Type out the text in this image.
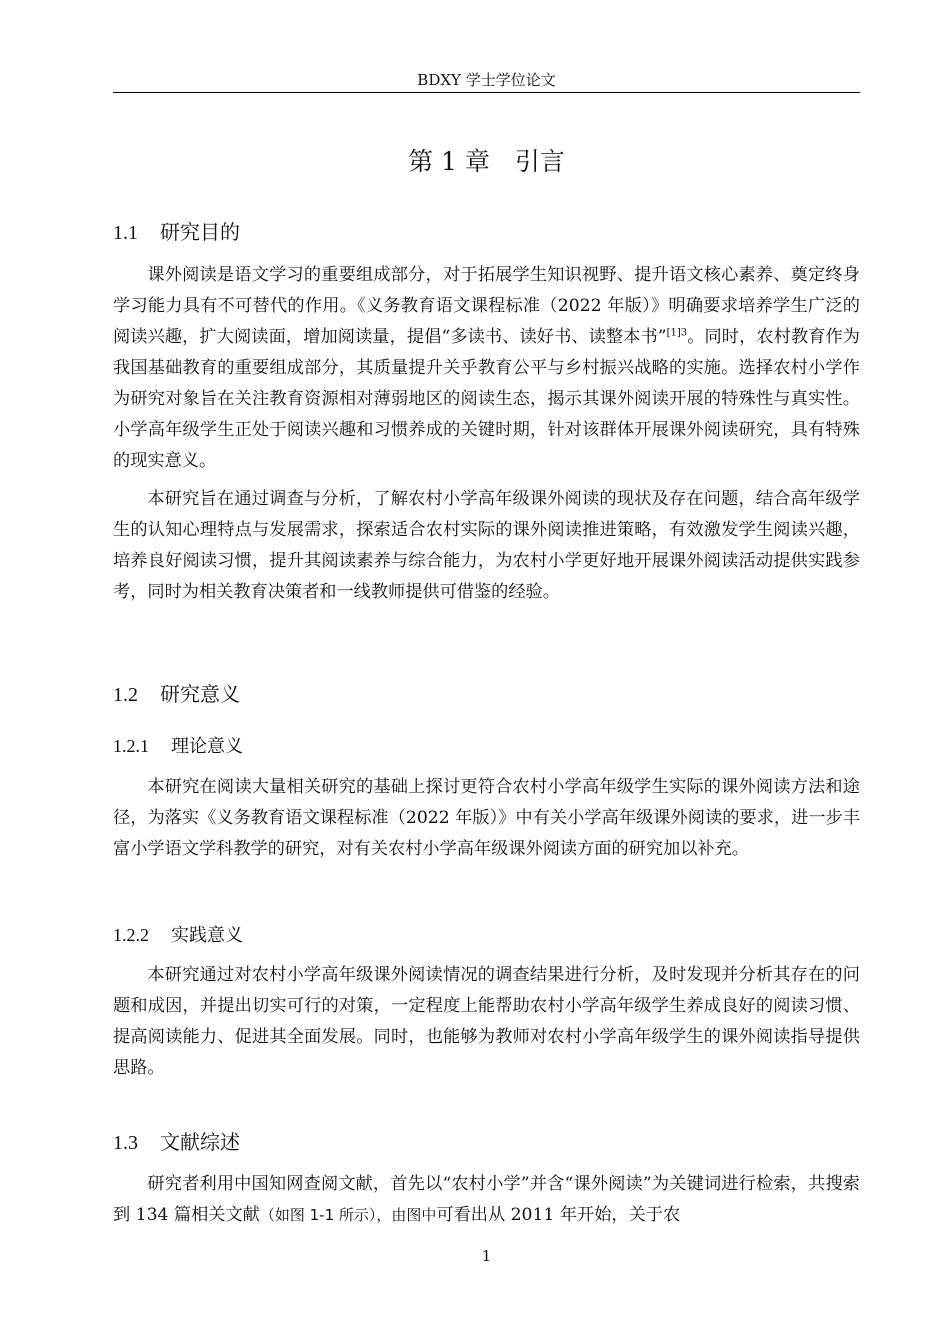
BDXY 学士学位论文
第 1 章　引言
1.1 研究目的

课外阅读是语文学习的重要组成部分，对于拓展学生知识视野、提升语文核心素养、奠定终身学习能力具有不可替代的作用。《义务教育语文课程标准（2022 年版）》明确要求培养学生广泛的阅读兴趣，扩大阅读面，增加阅读量，提倡“多读书、读好书、读整本书”$^{[1]3}$。同时，农村教育作为我国基础教育的重要组成部分，其质量提升关乎教育公平与乡村振兴战略的实施。选择农村小学作为研究对象旨在关注教育资源相对薄弱地区的阅读生态，揭示其课外阅读开展的特殊性与真实性。小学高年级学生正处于阅读兴趣和习惯养成的关键时期，针对该群体开展课外阅读研究，具有特殊的现实意义。

本研究旨在通过调查与分析，了解农村小学高年级课外阅读的现状及存在问题，结合高年级学生的认知心理特点与发展需求，探索适合农村实际的课外阅读推进策略，有效激发学生阅读兴趣，培养良好阅读习惯，提升其阅读素养与综合能力，为农村小学更好地开展课外阅读活动提供实践参考，同时为相关教育决策者和一线教师提供可借鉴的经验。

1.2 研究意义
1.2.1 理论意义

本研究在阅读大量相关研究的基础上探讨更符合农村小学高年级学生实际的课外阅读方法和途径，为落实《义务教育语文课程标准（2022 年版）》中有关小学高年级课外阅读的要求，进一步丰富小学语文学科教学的研究，对有关农村小学高年级课外阅读方面的研究加以补充。

1.2.2 实践意义

本研究通过对农村小学高年级课外阅读情况的调查结果进行分析，及时发现并分析其存在的问题和成因，并提出切实可行的对策，一定程度上能帮助农村小学高年级学生养成良好的阅读习惯、提高阅读能力、促进其全面发展。同时，也能够为教师对农村小学高年级学生的课外阅读指导提供思路。

1.3 文献综述

研究者利用中国知网查阅文献，首先以“农村小学”并含“课外阅读”为关键词进行检索，共搜索到 134 篇相关文献（如图 1-1 所示），由图中可看出从 2011 年开始，关于农

1
